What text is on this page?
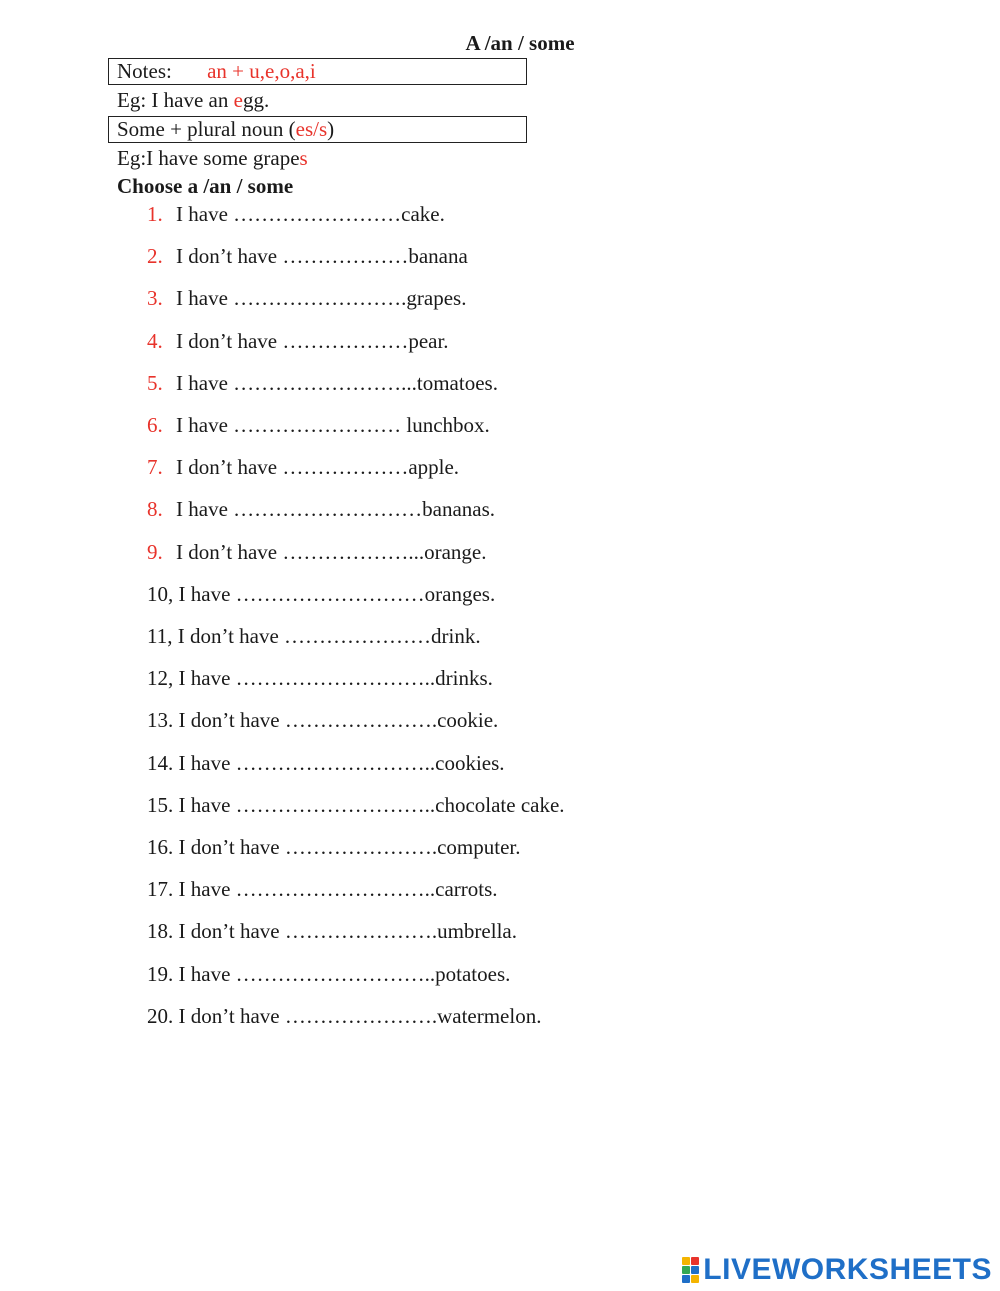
A /an / some
Notes: an + u,e,o,a,i
Eg: I have an egg.
Some + plural noun (es/s)
Eg:I have some grapes
Choose a /an / some
1. I have ……………………cake.
2. I don’t have ………………banana
3. I have …………………….grapes.
4. I don’t have ………………pear.
5. I have ……………………...tomatoes.
6. I have …………………… lunchbox.
7. I don’t have ………………apple.
8. I have ………………………bananas.
9. I don’t have ………………...orange.
10, I have ………………………oranges.
11, I don’t have …………………drink.
12, I have ………………………..drinks.
13. I don’t have ………………….cookie.
14. I have ………………………..cookies.
15. I have ………………………..chocolate cake.
16. I don’t have ………………….computer.
17. I have ………………………..carrots.
18. I don’t have ………………….umbrella.
19. I have ………………………..potatoes.
20. I don’t have ………………….watermelon.
LIVEWORKSHEETS
